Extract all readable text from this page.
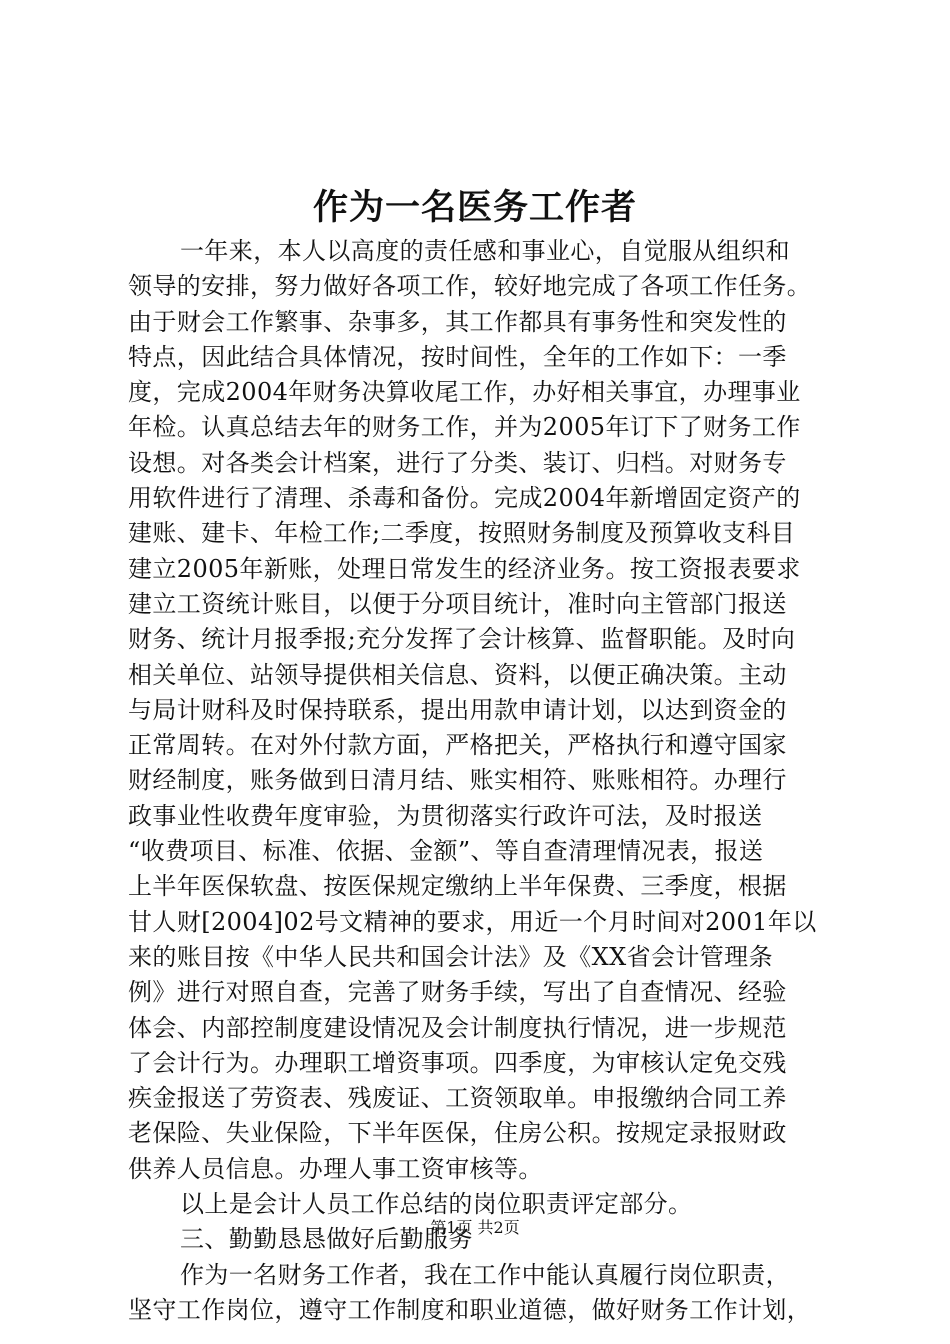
作为一名医务工作者
一年来，本人以高度的责任感和事业心，自觉服从组织和
领导的安排，努力做好各项工作，较好地完成了各项工作任务。
由于财会工作繁事、杂事多，其工作都具有事务性和突发性的
特点，因此结合具体情况，按时间性，全年的工作如下：一季
度，完成2004年财务决算收尾工作，办好相关事宜，办理事业
年检。认真总结去年的财务工作，并为2005年订下了财务工作
设想。对各类会计档案，进行了分类、装订、归档。对财务专
用软件进行了清理、杀毒和备份。完成2004年新增固定资产的
建账、建卡、年检工作;二季度，按照财务制度及预算收支科目
建立2005年新账，处理日常发生的经济业务。按工资报表要求
建立工资统计账目，以便于分项目统计，准时向主管部门报送
财务、统计月报季报;充分发挥了会计核算、监督职能。及时向
相关单位、站领导提供相关信息、资料，以便正确决策。主动
与局计财科及时保持联系，提出用款申请计划，以达到资金的
正常周转。在对外付款方面，严格把关，严格执行和遵守国家
财经制度，账务做到日清月结、账实相符、账账相符。办理行
政事业性收费年度审验，为贯彻落实行政许可法，及时报送
“收费项目、标准、依据、金额”、等自查清理情况表，报送
上半年医保软盘、按医保规定缴纳上半年保费、三季度，根据
甘人财[2004]02号文精神的要求，用近一个月时间对2001年以
来的账目按《中华人民共和国会计法》及《XX省会计管理条
例》进行对照自查，完善了财务手续，写出了自查情况、经验
体会、内部控制度建设情况及会计制度执行情况，进一步规范
了会计行为。办理职工增资事项。四季度，为审核认定免交残
疾金报送了劳资表、残废证、工资领取单。申报缴纳合同工养
老保险、失业保险，下半年医保，住房公积。按规定录报财政
供养人员信息。办理人事工资审核等。
以上是会计人员工作总结的岗位职责评定部分。
三、勤勤恳恳做好后勤服务
作为一名财务工作者，我在工作中能认真履行岗位职责，
坚守工作岗位，遵守工作制度和职业道德，做好财务工作计划，
第1页 共2页
